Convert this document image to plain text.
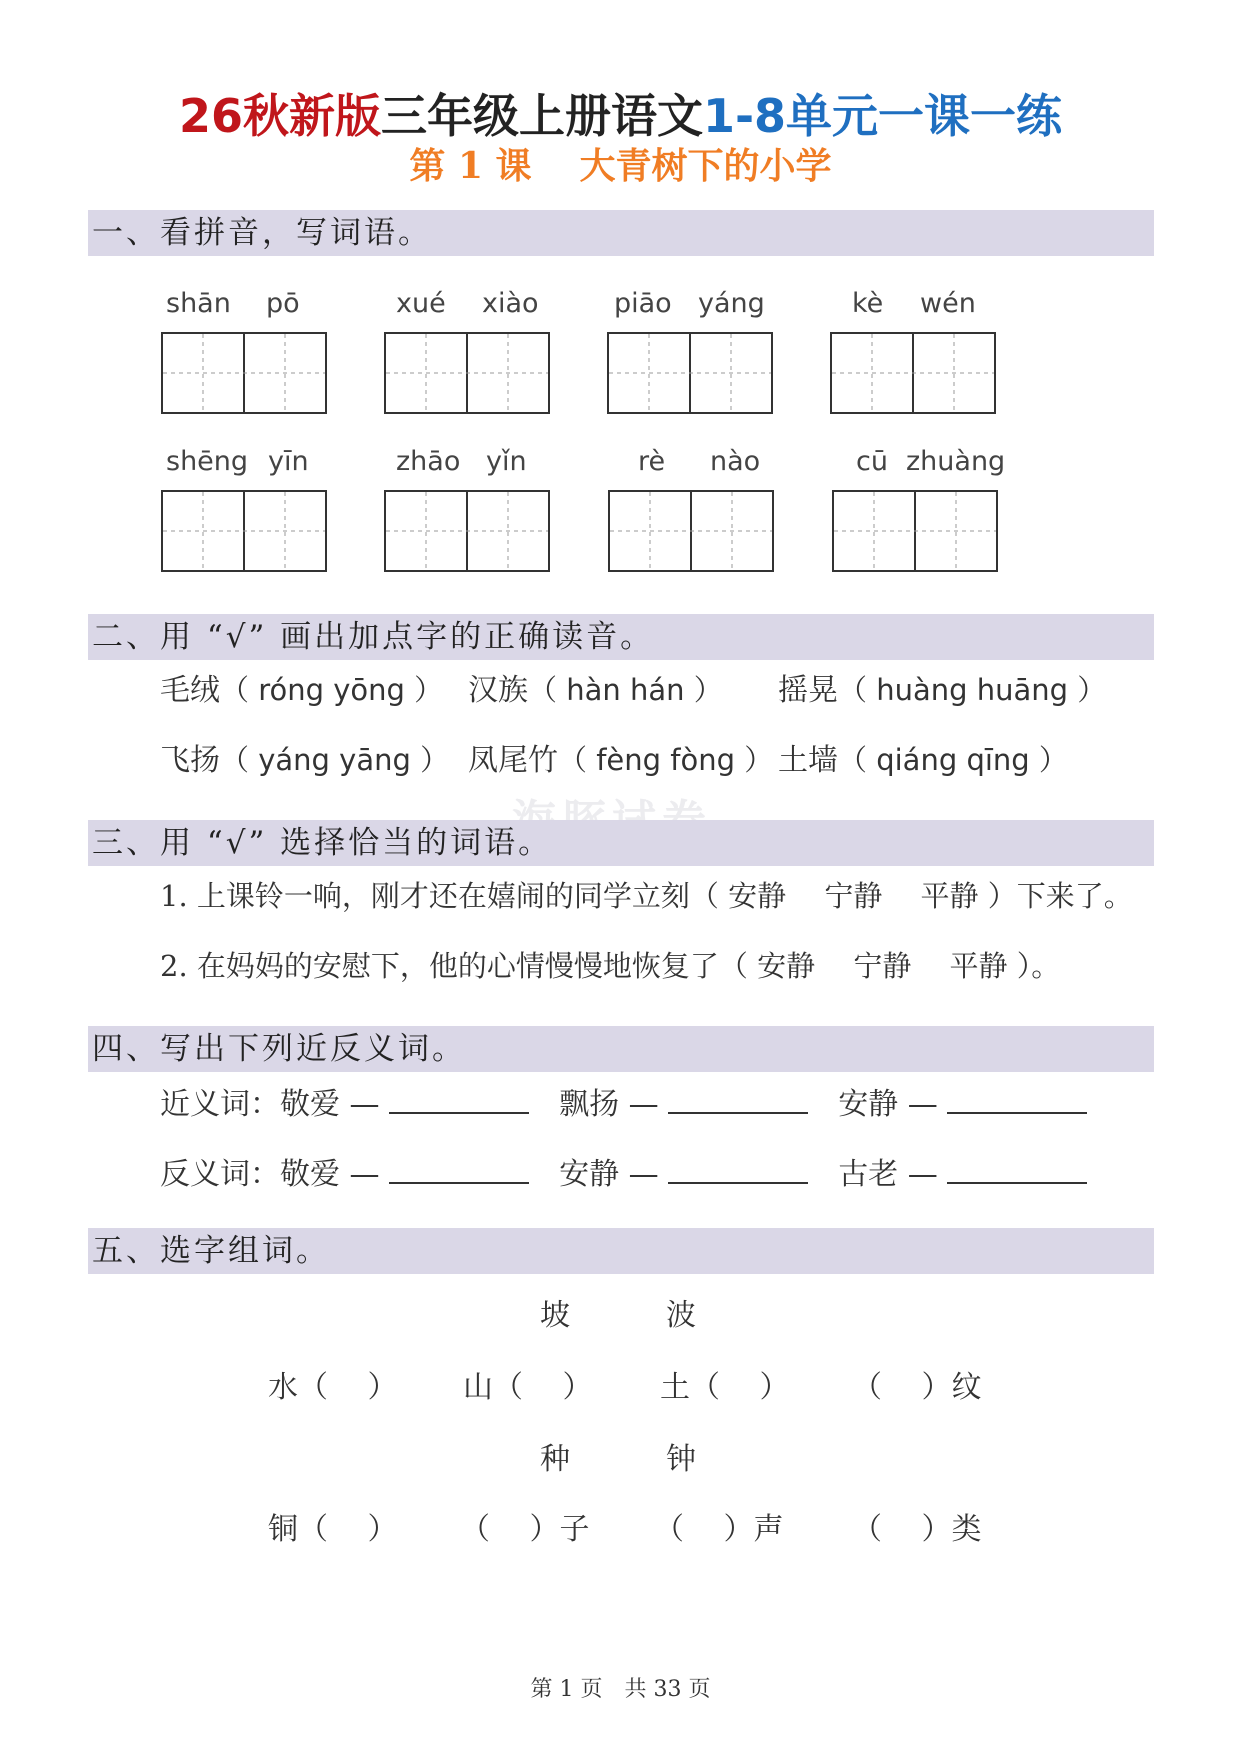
26秋新版三年级上册语文1-8单元一课一练
第 1 课 大青树下的小学
一、看拼音，写词语。
shān pō	xué xiào	piāo yáng	kè wén
shēng yīn	zhāo yǐn	rè nào	cū zhuàng
二、用 “√” 画出加点字的正确读音。
毛绒（ róng yōng ） 汉族（ hàn hán ） 摇晃（ huàng huāng ）
飞扬（ yáng yāng ） 凤尾竹（ fèng fòng ） 土墙（ qiáng qīng ）
三、用 “√” 选择恰当的词语。
1. 上课铃一响，刚才还在嬉闹的同学立刻（ 安静　 宁静　 平静 ）下来了。
2. 在妈妈的安慰下，他的心情慢慢地恢复了（ 安静　 宁静　 平静 ）。
四、写出下列近反义词。
近义词：敬爱 — 　	飘扬 — 　	安静 —
反义词：敬爱 — 　	安静 — 　	古老 —
五、选字组词。
坡	波
水（　 ） 山（　 ） 土（　 ） （　 ）纹
种	钟
铜（　 ） （　 ）子 （　 ）声 （　 ）类
第 1 页　共 33 页
